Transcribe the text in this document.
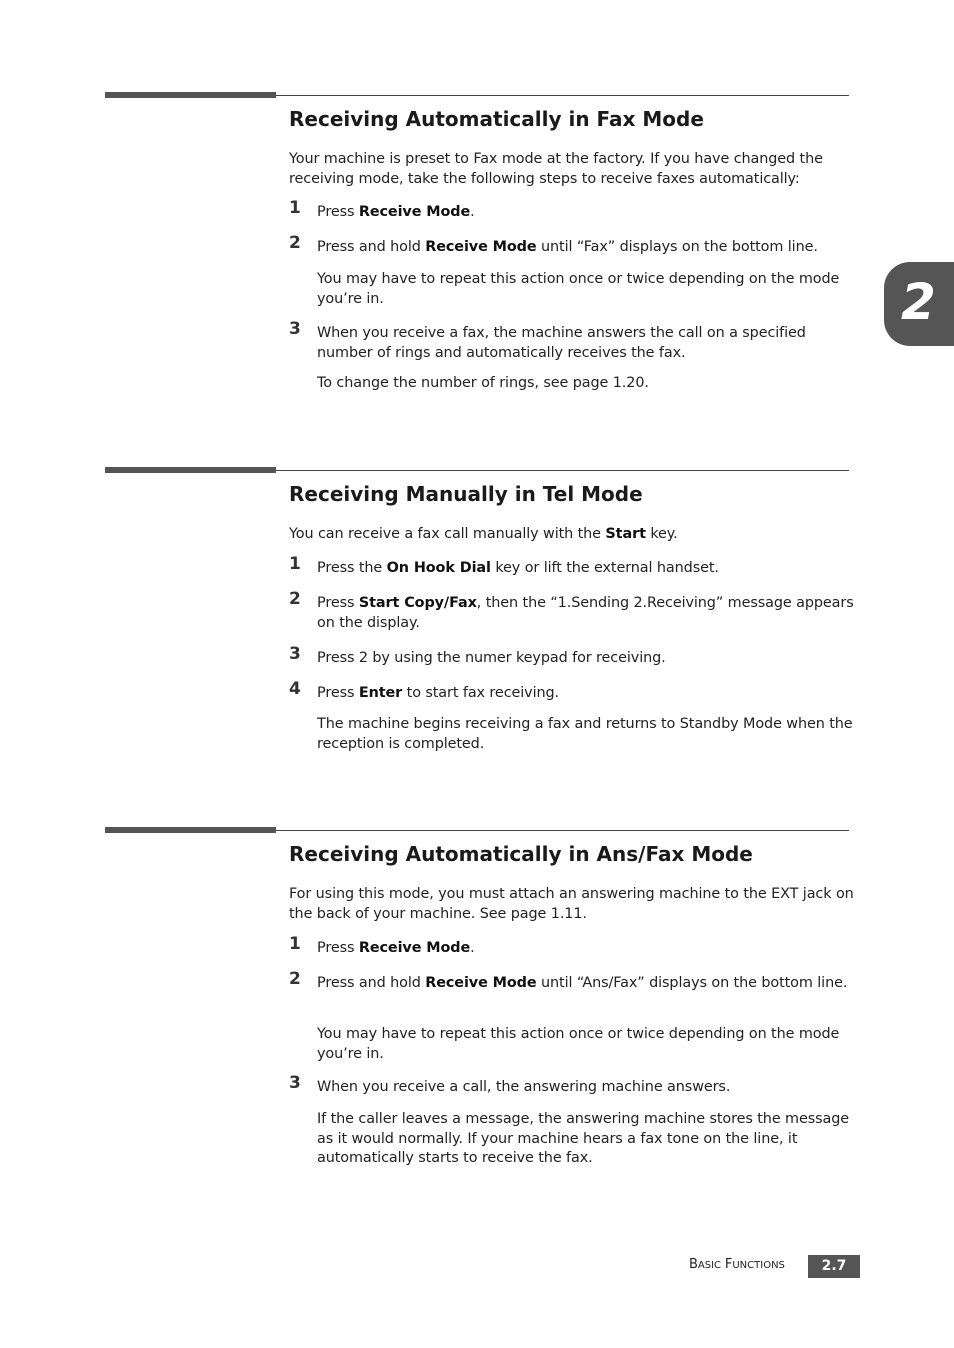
Receiving Automatically in Fax Mode

Your machine is preset to Fax mode at the factory. If you have changed the receiving mode, take the following steps to receive faxes automatically:

1 Press Receive Mode.
2 Press and hold Receive Mode until “Fax” displays on the bottom line.

You may have to repeat this action once or twice depending on the mode you’re in.

3 When you receive a fax, the machine answers the call on a specified number of rings and automatically receives the fax.

To change the number of rings, see page 1.20.

Receiving Manually in Tel Mode

You can receive a fax call manually with the Start key.

1 Press the On Hook Dial key or lift the external handset.
2 Press Start Copy/Fax, then the “1.Sending 2.Receiving” message appears on the display.
3 Press 2 by using the numer keypad for receiving.
4 Press Enter to start fax receiving.

The machine begins receiving a fax and returns to Standby Mode when the reception is completed.

Receiving Automatically in Ans/Fax Mode

For using this mode, you must attach an answering machine to the EXT jack on the back of your machine. See page 1.11.

1 Press Receive Mode.
2 Press and hold Receive Mode until “Ans/Fax” displays on the bottom line.

You may have to repeat this action once or twice depending on the mode you’re in.

3 When you receive a call, the answering machine answers.

If the caller leaves a message, the answering machine stores the message as it would normally. If your machine hears a fax tone on the line, it automatically starts to receive the fax.

2
BASIC FUNCTIONS	2.7
